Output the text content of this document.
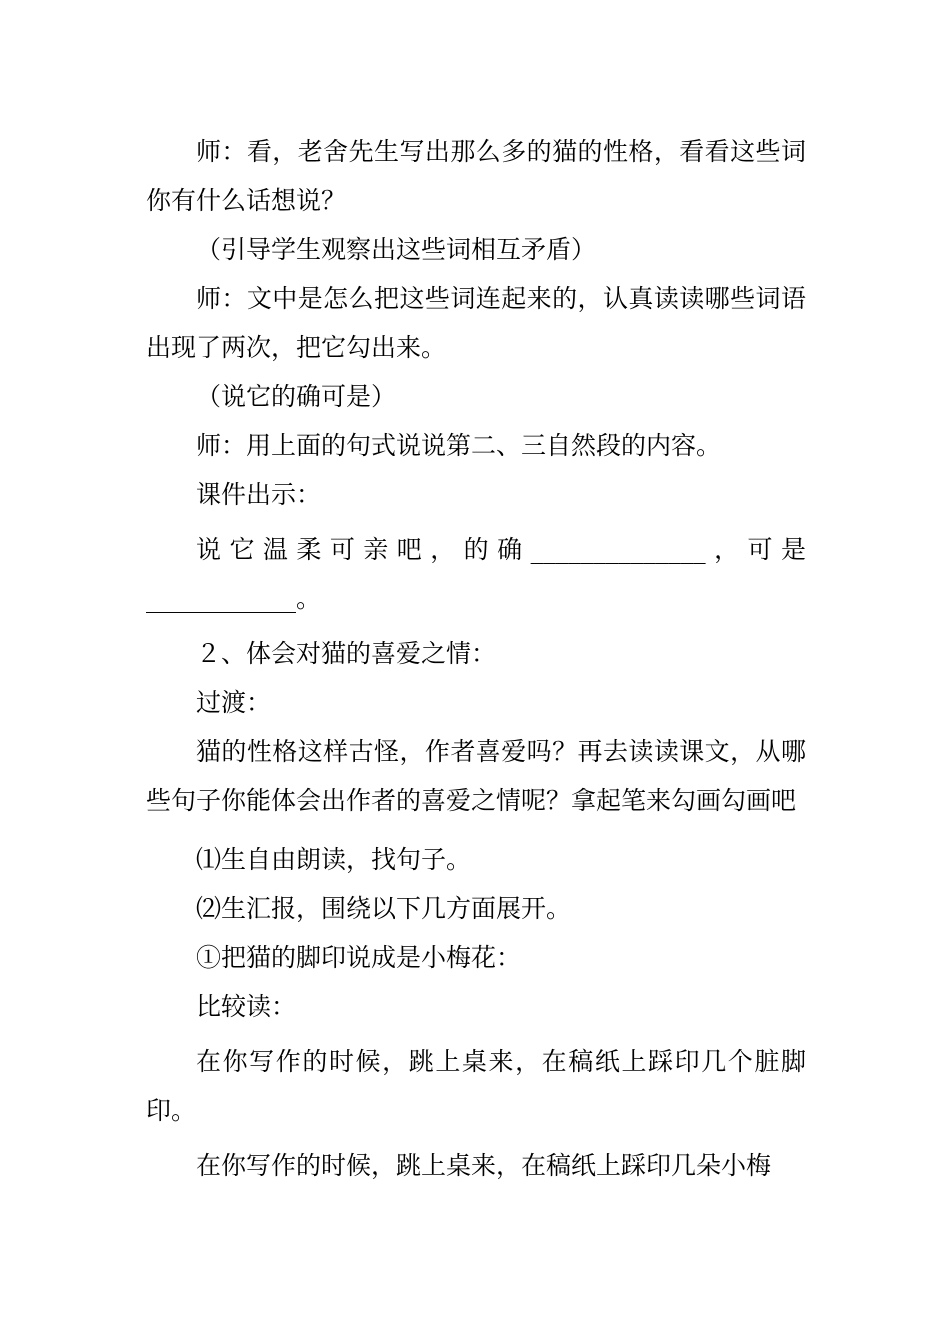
师：看，老舍先生写出那么多的猫的性格，看看这些词你有什么话想说？

（引导学生观察出这些词相互矛盾）

师：文中是怎么把这些词连起来的，认真读读哪些词语出现了两次，把它勾出来。

（说它的确可是）

师：用上面的句式说说第二、三自然段的内容。

课件出示：

说它温柔可亲吧，的确______________，可是____________。

２、体会对猫的喜爱之情：

过渡：

猫的性格这样古怪，作者喜爱吗？再去读读课文，从哪些句子你能体会出作者的喜爱之情呢？拿起笔来勾画勾画吧

⑴生自由朗读，找句子。

⑵生汇报，围绕以下几方面展开。

①把猫的脚印说成是小梅花：

比较读：

在你写作的时候，跳上桌来，在稿纸上踩印几个脏脚印。

在你写作的时候，跳上桌来，在稿纸上踩印几朵小梅
